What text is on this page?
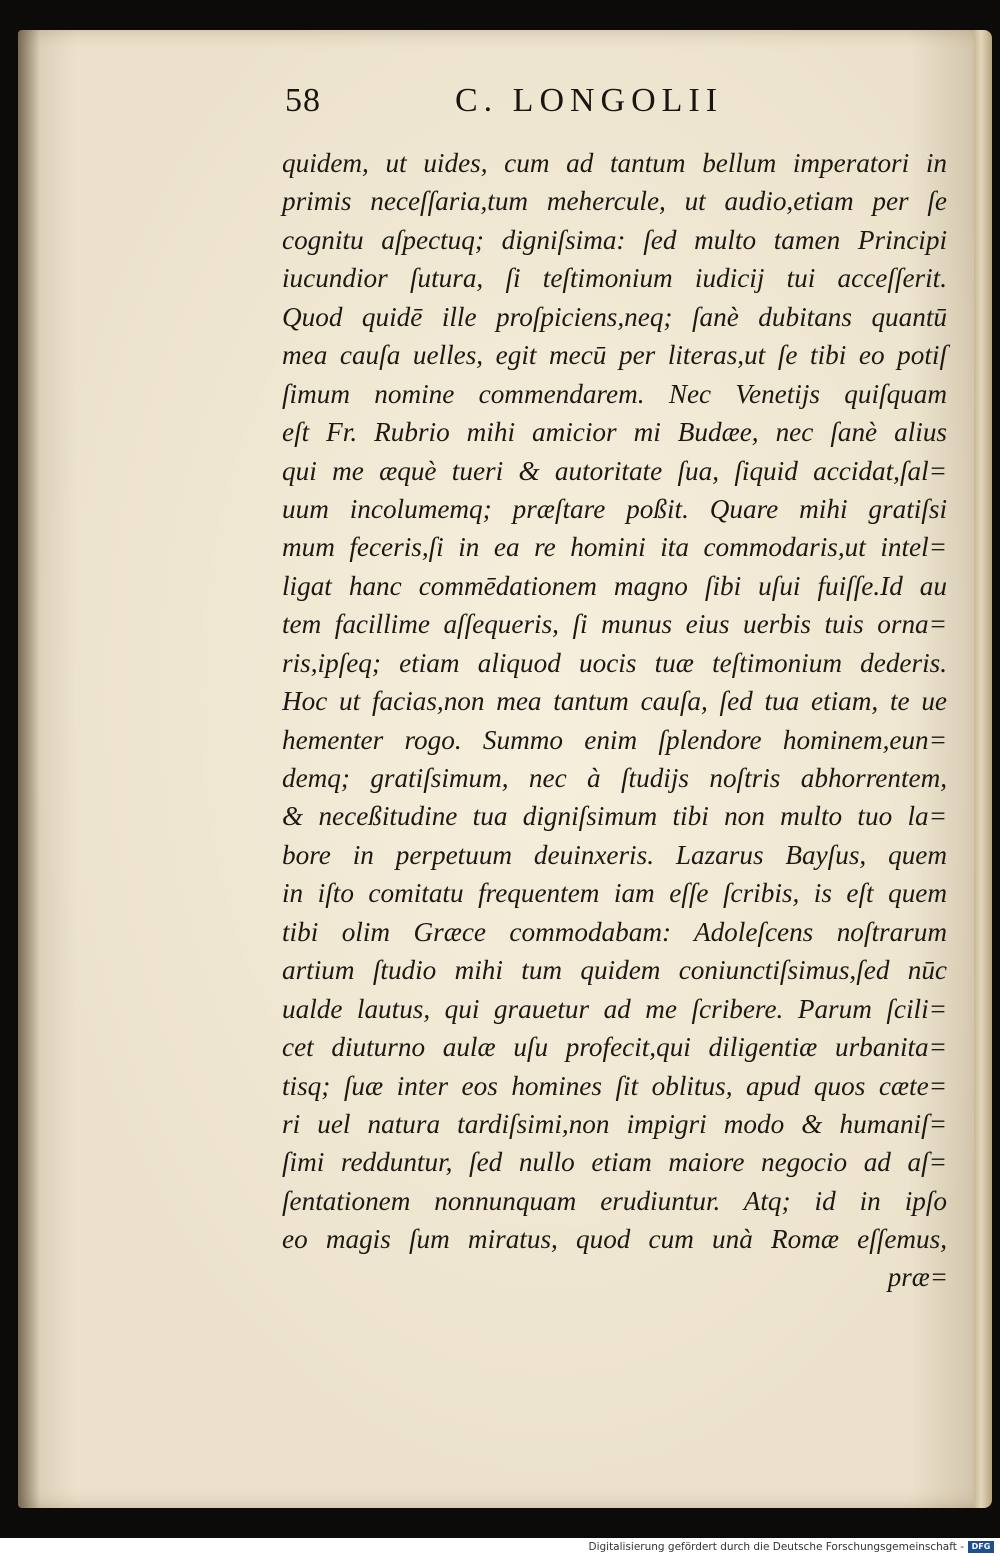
58	C. LONGOLII
quidem, ut uides, cum ad tantum bellum imperatori in
primis neceſſaria,tum mehercule, ut audio,etiam per ſe
cognitu aſpectuq; digniſsima: ſed multo tamen Principi
iucundior ſutura, ſi teſtimonium iudicij tui acceſſerit.
Quod quidē ille proſpiciens,neq; ſanè dubitans quantū
mea cauſa uelles, egit mecū per literas,ut ſe tibi eo potiſ
ſimum nomine commendarem. Nec Venetijs quiſquam
eſt Fr. Rubrio mihi amicior mi Budæe, nec ſanè alius
qui me æquè tueri & autoritate ſua, ſiquid accidat,ſal=
uum incolumemq; præſtare poßit. Quare mihi gratiſsi
mum feceris,ſi in ea re homini ita commodaris,ut intel=
ligat hanc commēdationem magno ſibi uſui fuiſſe.Id au
tem facillime aſſequeris, ſi munus eius uerbis tuis orna=
ris,ipſeq; etiam aliquod uocis tuæ teſtimonium dederis.
Hoc ut facias,non mea tantum cauſa, ſed tua etiam, te ue
hementer rogo. Summo enim ſplendore hominem,eun=
demq; gratiſsimum, nec à ſtudijs noſtris abhorrentem,
& neceßitudine tua digniſsimum tibi non multo tuo la=
bore in perpetuum deuinxeris. Lazarus Bayſus, quem
in iſto comitatu frequentem iam eſſe ſcribis, is eſt quem
tibi olim Græce commodabam: Adoleſcens noſtrarum
artium ſtudio mihi tum quidem coniunctiſsimus,ſed nūc
ualde lautus, qui grauetur ad me ſcribere. Parum ſcili=
cet diuturno aulæ uſu profecit,qui diligentiæ urbanita=
tisq; ſuæ inter eos homines ſit oblitus, apud quos cæte=
ri uel natura tardiſsimi,non impigri modo & humaniſ=
ſimi redduntur, ſed nullo etiam maiore negocio ad aſ=
ſentationem nonnunquam erudiuntur. Atq; id in ipſo
eo magis ſum miratus, quod cum unà Romæ eſſemus,
præ=
Digitalisierung gefördert durch die Deutsche Forschungsgemeinschaft - DFG
